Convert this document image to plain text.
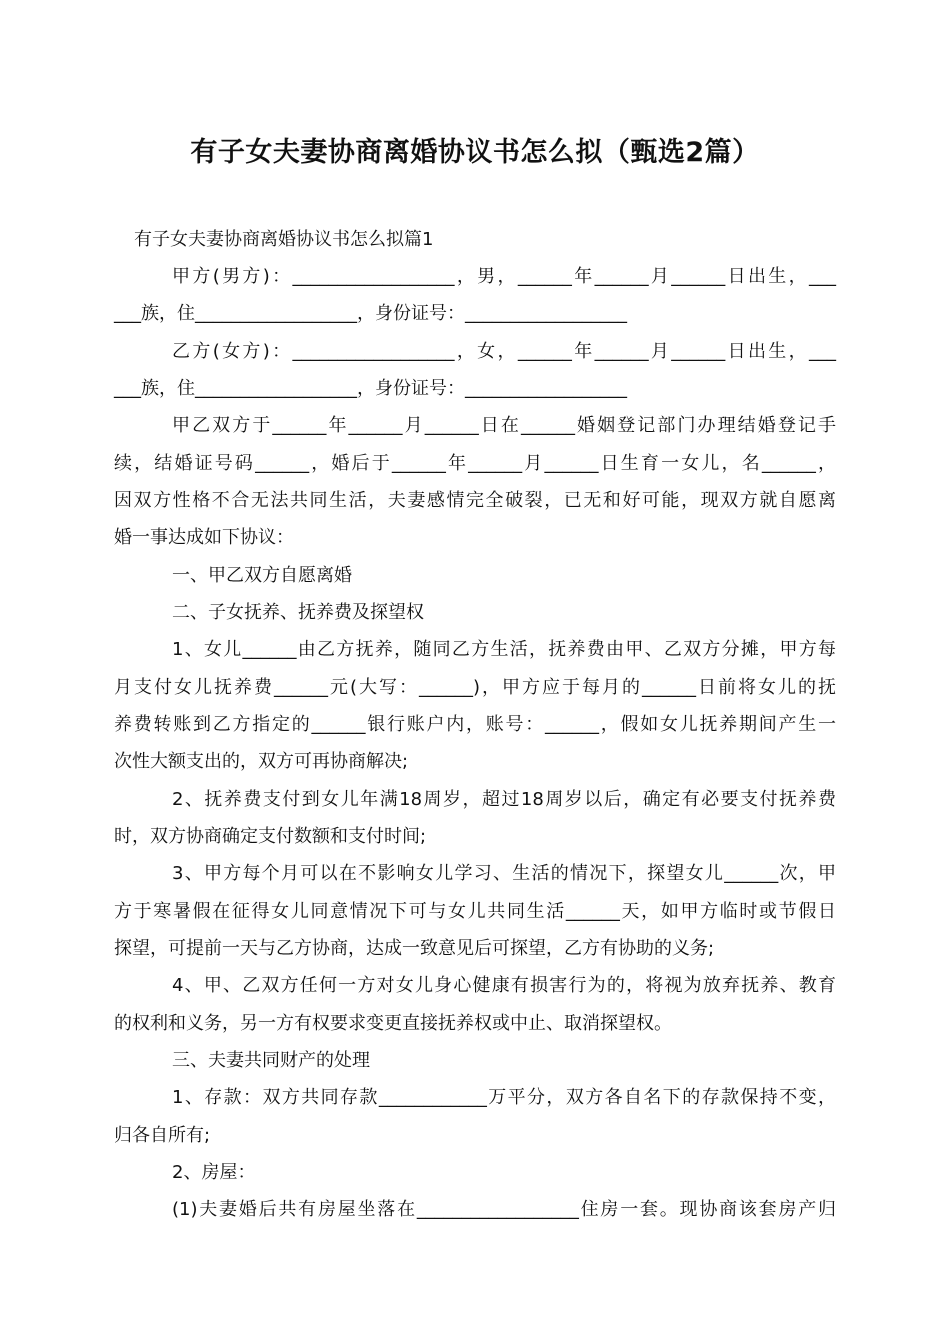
有子女夫妻协商离婚协议书怎么拟（甄选2篇）
有子女夫妻协商离婚协议书怎么拟篇1
甲方(男方)：__________________，男，______年______月______日出生，___
___族，住__________________，身份证号：__________________
乙方(女方)：__________________，女，______年______月______日出生，___
___族，住__________________，身份证号：__________________
甲乙双方于______年______月______日在______婚姻登记部门办理结婚登记手
续，结婚证号码______，婚后于______年______月______日生育一女儿，名______，
因双方性格不合无法共同生活，夫妻感情完全破裂，已无和好可能，现双方就自愿离
婚一事达成如下协议：
一、甲乙双方自愿离婚
二、子女抚养、抚养费及探望权
1、女儿______由乙方抚养，随同乙方生活，抚养费由甲、乙双方分摊，甲方每
月支付女儿抚养费______元(大写：______)，甲方应于每月的______日前将女儿的抚
养费转账到乙方指定的______银行账户内，账号：______，假如女儿抚养期间产生一
次性大额支出的，双方可再协商解决;
2、抚养费支付到女儿年满18周岁，超过18周岁以后，确定有必要支付抚养费
时，双方协商确定支付数额和支付时间;
3、甲方每个月可以在不影响女儿学习、生活的情况下，探望女儿______次，甲
方于寒暑假在征得女儿同意情况下可与女儿共同生活______天，如甲方临时或节假日
探望，可提前一天与乙方协商，达成一致意见后可探望，乙方有协助的义务;
4、甲、乙双方任何一方对女儿身心健康有损害行为的，将视为放弃抚养、教育
的权利和义务，另一方有权要求变更直接抚养权或中止、取消探望权。
三、夫妻共同财产的处理
1、存款：双方共同存款____________万平分，双方各自名下的存款保持不变，
归各自所有;
2、房屋：
(1)夫妻婚后共有房屋坐落在__________________住房一套。现协商该套房产归
